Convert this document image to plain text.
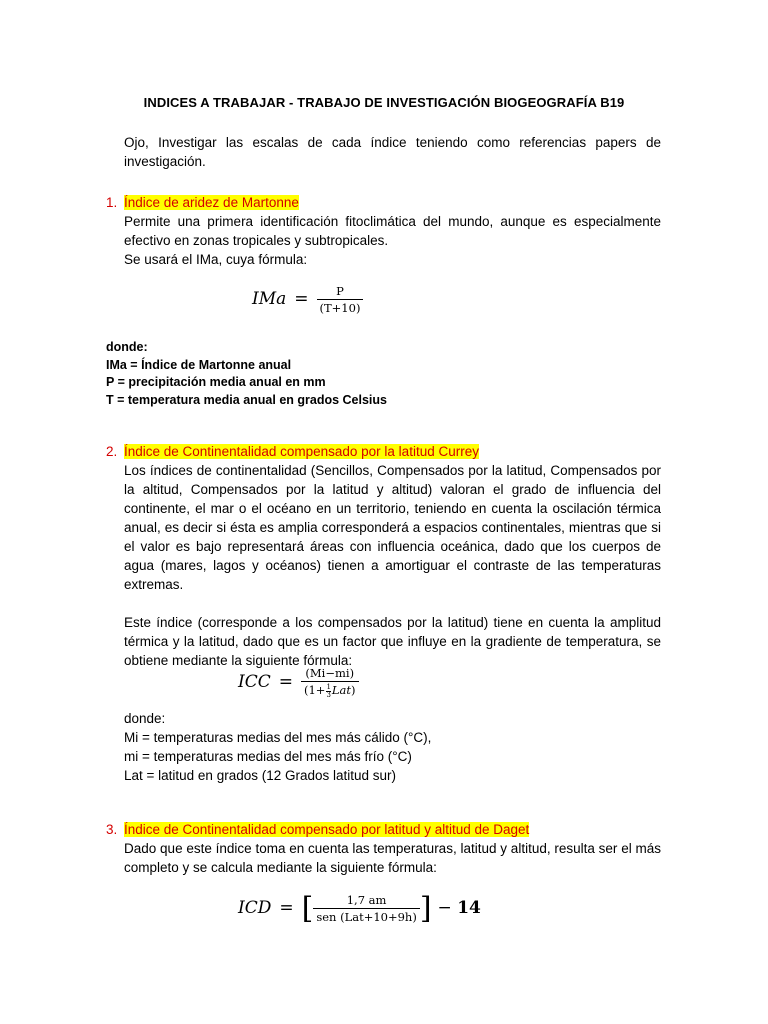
INDICES A TRABAJAR - TRABAJO DE INVESTIGACIÓN BIOGEOGRAFÍA B19
Ojo, Investigar las escalas de cada índice teniendo como referencias papers de investigación.
1. Índice de aridez de Martonne

Permite una primera identificación fitoclimática del mundo, aunque es especialmente efectivo en zonas tropicales y subtropicales.

Se usará el IMa, cuya fórmula:

IMa = $\frac{P}{(T+10)}$
donde:
IMa = Índice de Martonne anual
P = precipitación media anual en mm
T = temperatura media anual en grados Celsius
2. Índice de Continentalidad compensado por la latitud Currey

Los índices de continentalidad (Sencillos, Compensados por la latitud, Compensados por la altitud, Compensados por la latitud y altitud) valoran el grado de influencia del continente, el mar o el océano en un territorio, teniendo en cuenta la oscilación térmica anual, es decir si ésta es amplia corresponderá a espacios continentales, mientras que si el valor es bajo representará áreas con influencia oceánica, dado que los cuerpos de agua (mares, lagos y océanos) tienen a amortiguar el contraste de las temperaturas extremas.

Este índice (corresponde a los compensados por la latitud) tiene en cuenta la amplitud térmica y la latitud, dado que es un factor que influye en la gradiente de temperatura, se obtiene mediante la siguiente fórmula:

ICC = $\frac{(Mi-mi)}{(1+ \frac{1}{3} Lat)}$

donde:

Mi = temperaturas medias del mes más cálido (°C),

mi = temperaturas medias del mes más frío (°C)

Lat = latitud en grados (12 Grados latitud sur)

3. Índice de Continentalidad compensado por latitud y altitud de Daget

Dado que este índice toma en cuenta las temperaturas, latitud y altitud, resulta ser el más completo y se calcula mediante la siguiente fórmula:

ICD = [ $\frac{1,7 am}{\text{sen (Lat+10+9h)}}$ ] − 14
